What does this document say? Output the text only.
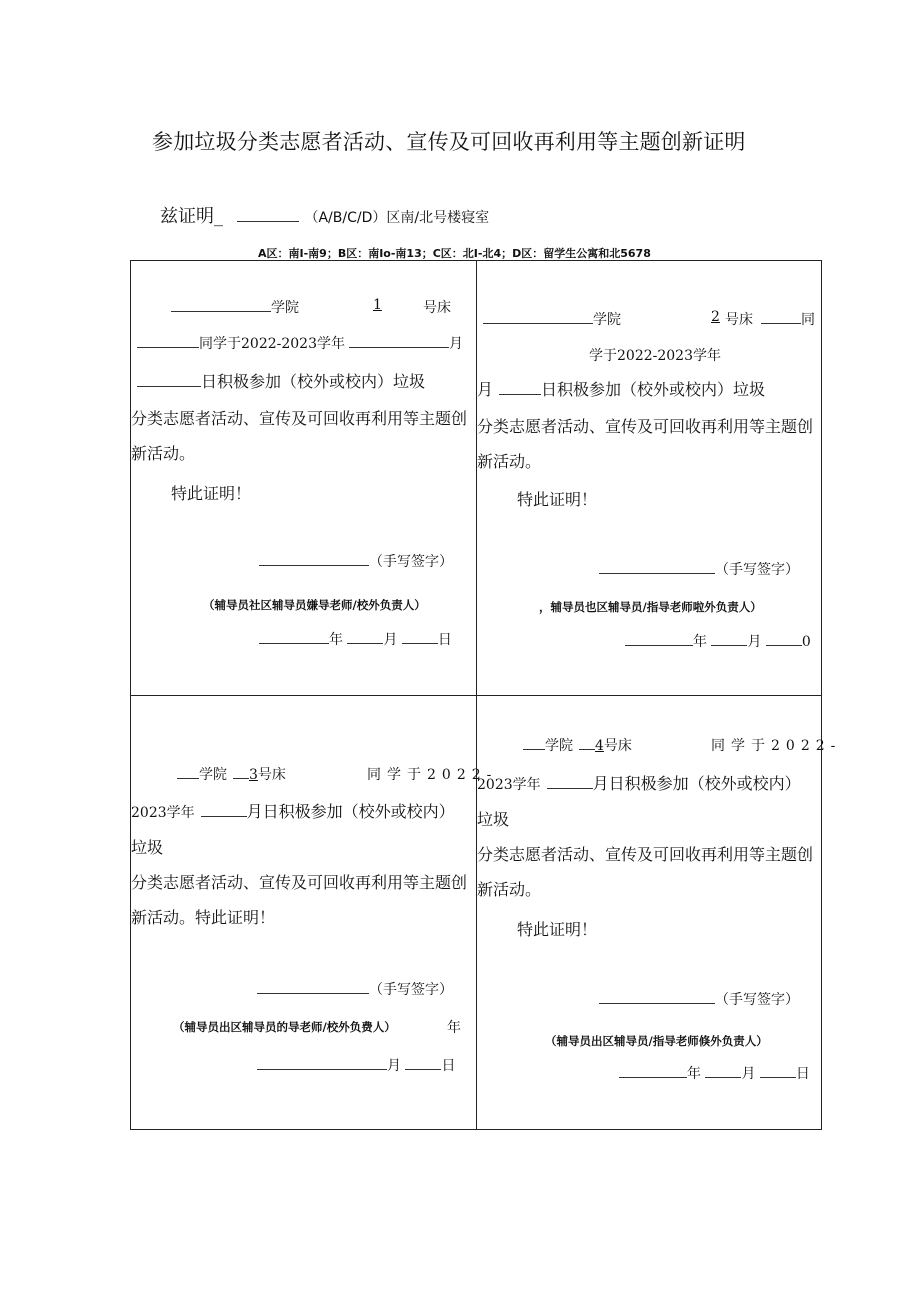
参加垃圾分类志愿者活动、宣传及可回收再利用等主题创新证明
兹证明_	（A/B/C/D）区南/北号楼寝室
A区：南I-南9；B区：南Io-南13；C区：北I-北4；D区：留学生公寓和北5678
学院	1	号床
同学于2022-2023学年	月
日积极参加（校外或校内）垃圾
分类志愿者活动、宣传及可回收再利用等主题创新活动。
特此证明！
（手写签字）
（辅导员社区辅导员嫌导老师/校外负责人）
年	月	日
学院	2 号床	同
学于2022-2023学年
月	日积极参加（校外或校内）垃圾
分类志愿者活动、宣传及可回收再利用等主题创新活动。
特此证明！
（手写签字）
，辅导员也区辅导员/指导老师啦外负责人）
年	月	0
学院 3号床	同学于2022-
2023学年	月日积极参加（校外或校内）
垃圾
分类志愿者活动、宣传及可回收再利用等主题创新活动。特此证明！
（手写签字）
（辅导员出区辅导员的导老师/校外负费人）	年
月	日
学院 4号床	同学于2022-
2023学年	月日积极参加（校外或校内）
垃圾
分类志愿者活动、宣传及可回收再利用等主题创新活动。
特此证明！
（手写签字）
（辅导员出区辅导员/指导老师倏外负责人）
年	月	日
